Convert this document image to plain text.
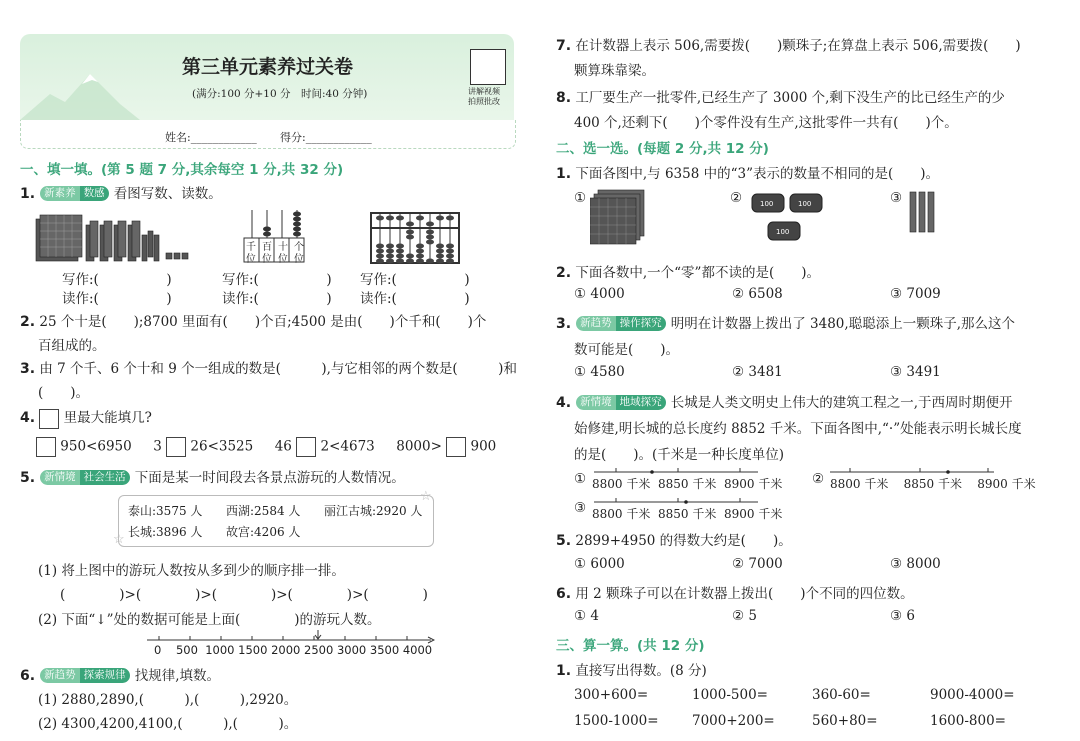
第三单元素养过关卷
(满分:100 分+10 分　时间:40 分钟)	讲解视频
拍照批改
姓名:____________ 得分:____________
一、填一填。(第 5 题 7 分,其余每空 1 分,共 32 分)
1. 新素养 数感 看图写数、读数。
千百十个
位位位位
写作:(　　　　　)
读作:(　　　　　)
写作:(　　　　　)
读作:(　　　　　)
写作:(　　　　　)
读作:(　　　　　)
2. 25 个十是(　　);8700 里面有(　　)个百;4500 是由(　　)个千和(　　)个
百组成的。
3. 由 7 个千、6 个十和 9 个一组成的数是(　　　),与它相邻的两个数是(　　　)和
(　　)。
4. 里最大能填几?
950<6950 3 26<3525 46 2<4673 8000> 900
5. 新情境 社会生活 下面是某一时间段去各景点游玩的人数情况。
泰山:3575 人 西湖:2584 人 丽江古城:2920 人
长城:3896 人 故宫:4206 人
☆
☆
(1) 将上图中的游玩人数按从多到少的顺序排一排。
(　　　　)>(　　　　)>(　　　　)>(　　　　)>(　　　　)
(2) 下面“↓”处的数据可能是上面(　　　　)的游玩人数。
0 500 1000 1500 2000 2500 3000 3500 4000
6. 新趋势 探索规律 找规律,填数。
(1) 2880,2890,(　　　),(　　　),2920。
(2) 4300,4200,4100,(　　　),(　　　)。
7. 在计数器上表示 506,需要拨(　　)颗珠子;在算盘上表示 506,需要拨(　　)
颗算珠靠梁。
8. 工厂要生产一批零件,已经生产了 3000 个,剩下没生产的比已经生产的少
400 个,还剩下(　　)个零件没有生产,这批零件一共有(　　)个。
二、选一选。(每题 2 分,共 12 分)
1. 下面各图中,与 6358 中的“3”表示的数量不相同的是(　　)。
①	②	100	100
100
③
2. 下面各数中,一个“零”都不读的是(　　)。
① 4000	② 6508	③ 7009
3. 新趋势 操作探究 明明在计数器上拨出了 3480,聪聪添上一颗珠子,那么这个
数可能是(　　)。
① 4580	② 3481	③ 3491
4. 新情境 地域探究 长城是人类文明史上伟大的建筑工程之一,于西周时期便开
始修建,明长城的总长度约 8852 千米。下面各图中,“·”处能表示明长城长度
的是(　　)。(千米是一种长度单位)
① 8800 千米 8850 千米 8900 千米 ② 8800 千米 8850 千米 8900 千米
③ 8800 千米 8850 千米 8900 千米
5. 2899+4950 的得数大约是(　　)。
① 6000	② 7000	③ 8000
6. 用 2 颗珠子可以在计数器上拨出(　　)个不同的四位数。
① 4	② 5	③ 6
三、算一算。(共 12 分)
1. 直接写出得数。(8 分)
300+600=	1000-500=	360-60=	9000-4000=
1500-1000= 7000+200=	560+80=	1600-800=
